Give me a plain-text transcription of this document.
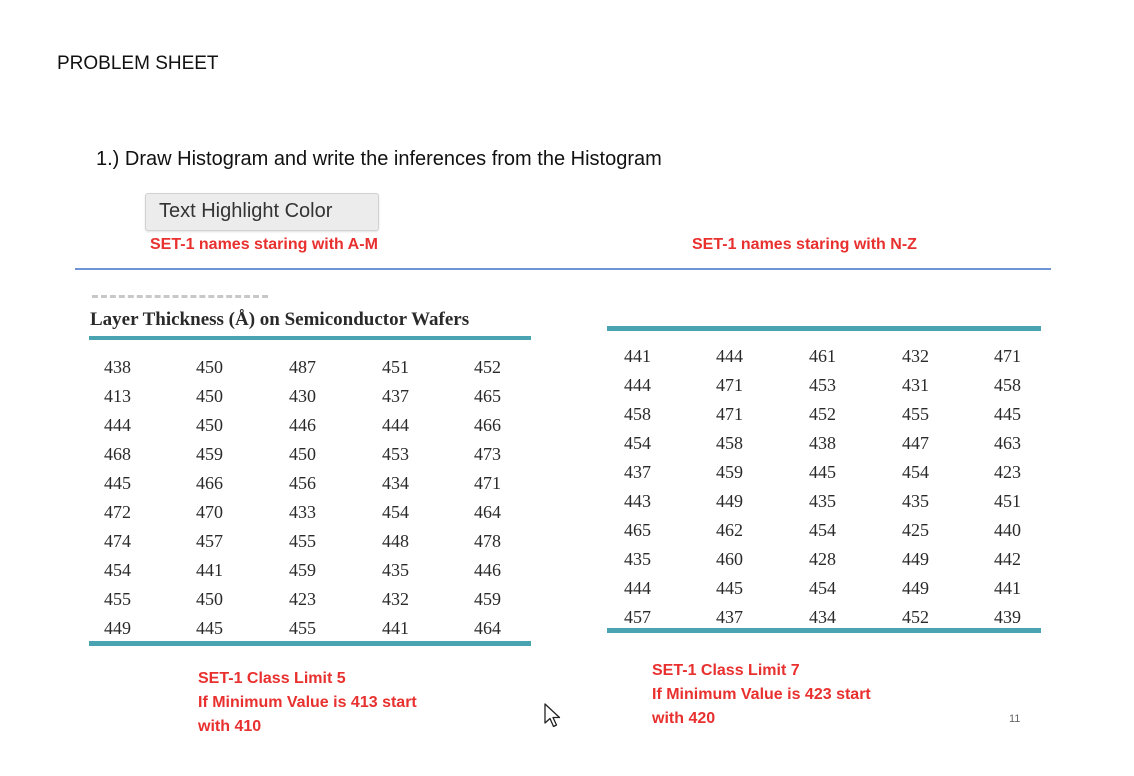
PROBLEM SHEET
1.) Draw Histogram and write the inferences from the Histogram
Text Highlight Color
SET-1 names staring with A-M	SET-1 names staring with N-Z
Layer Thickness (Å) on Semiconductor Wafers
438	450	487	451	452
413	450	430	437	465
444	450	446	444	466
468	459	450	453	473
445	466	456	434	471
472	470	433	454	464
474	457	455	448	478
454	441	459	435	446
455	450	423	432	459
449	445	455	441	464
441	444	461	432	471
444	471	453	431	458
458	471	452	455	445
454	458	438	447	463
437	459	445	454	423
443	449	435	435	451
465	462	454	425	440
435	460	428	449	442
444	445	454	449	441
457	437	434	452	439
SET-1 Class Limit 5
If Minimum Value is 413 start
with 410
SET-1 Class Limit 7
If Minimum Value is 423 start
with 420	11
